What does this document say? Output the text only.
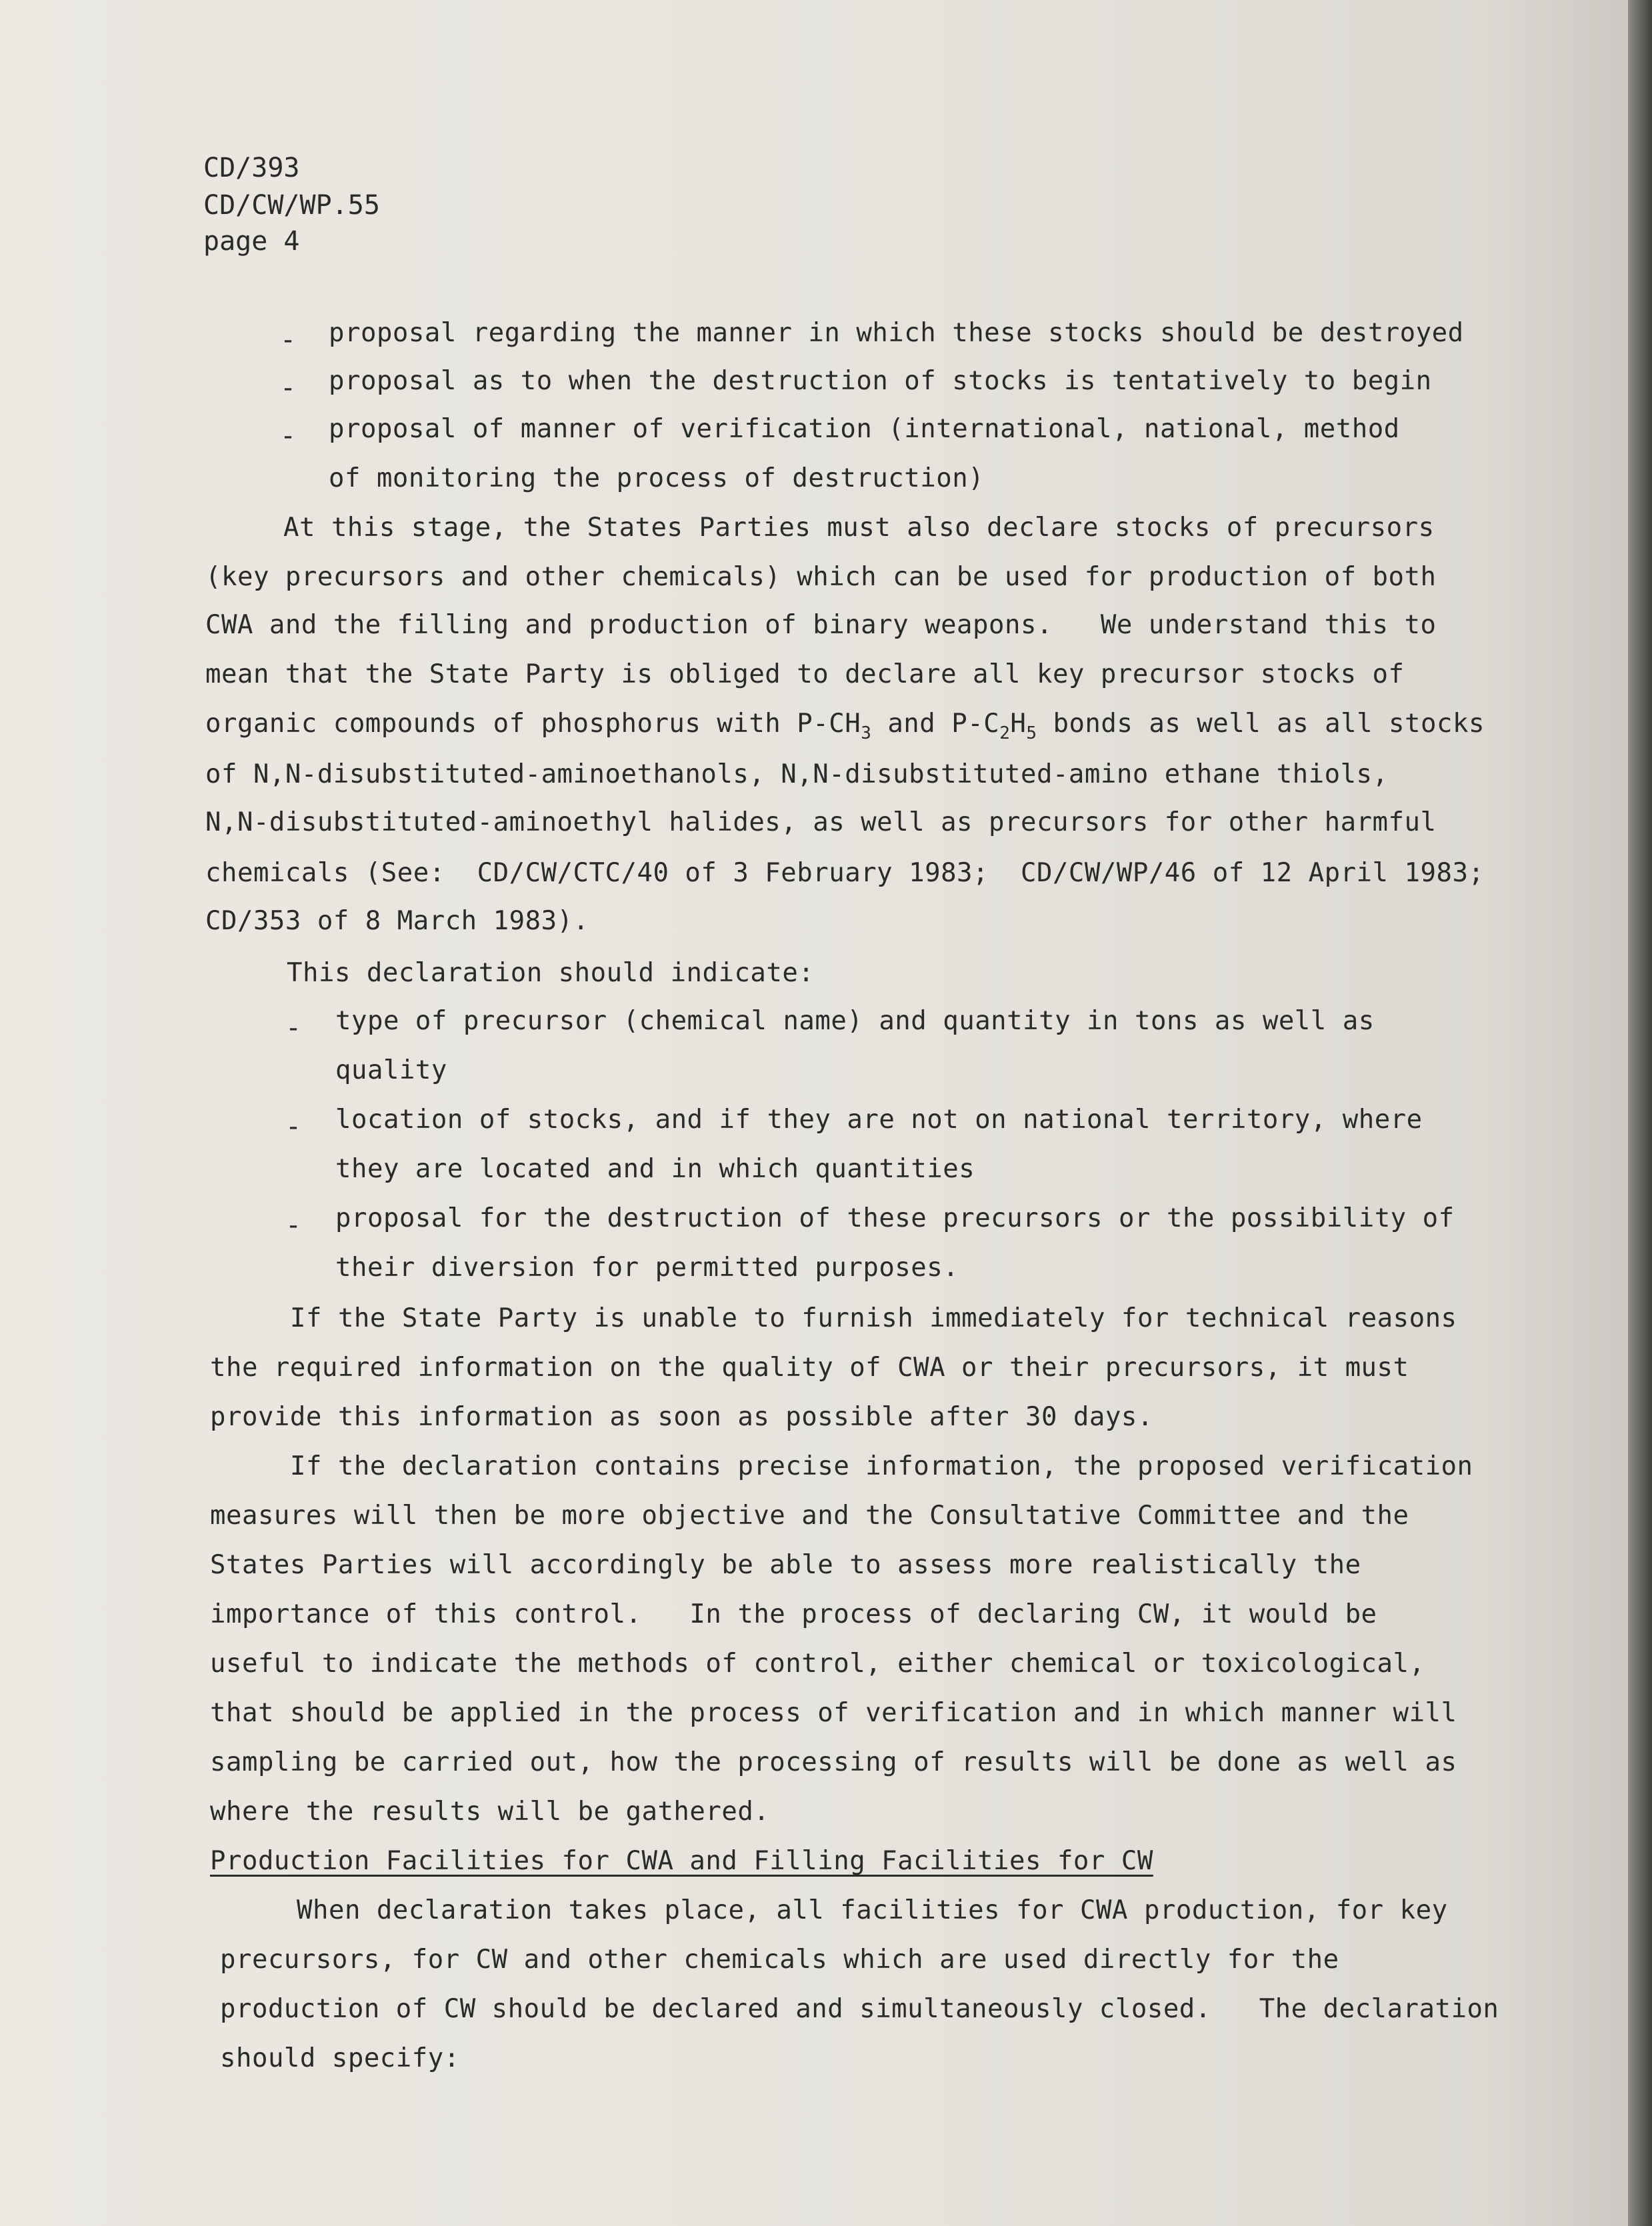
CD/393
CD/CW/WP.55
page 4
- proposal regarding the manner in which these stocks should be destroyed
- proposal as to when the destruction of stocks is tentatively to begin
- proposal of manner of verification (international, national, method
of monitoring the process of destruction)
At this stage, the States Parties must also declare stocks of precursors
(key precursors and other chemicals) which can be used for production of both
CWA and the filling and production of binary weapons.   We understand this to
mean that the State Party is obliged to declare all key precursor stocks of
organic compounds of phosphorus with $P-CH_3$ and $P-C_2H_5$ bonds as well as all stocks
of N,N-disubstituted-aminoethanols, N,N-disubstituted-amino ethane thiols,
N,N-disubstituted-aminoethyl halides, as well as precursors for other harmful
chemicals (See:  CD/CW/CTC/40 of 3 February 1983;  CD/CW/WP/46 of 12 April 1983;
CD/353 of 8 March 1983).
This declaration should indicate:
- type of precursor (chemical name) and quantity in tons as well as
quality
- location of stocks, and if they are not on national territory, where
they are located and in which quantities
- proposal for the destruction of these precursors or the possibility of
their diversion for permitted purposes.
If the State Party is unable to furnish immediately for technical reasons
the required information on the quality of CWA or their precursors, it must
provide this information as soon as possible after 30 days.
If the declaration contains precise information, the proposed verification
measures will then be more objective and the Consultative Committee and the
States Parties will accordingly be able to assess more realistically the
importance of this control.   In the process of declaring CW, it would be
useful to indicate the methods of control, either chemical or toxicological,
that should be applied in the process of verification and in which manner will
sampling be carried out, how the processing of results will be done as well as
where the results will be gathered.
Production Facilities for CWA and Filling Facilities for CW
When declaration takes place, all facilities for CWA production, for key
precursors, for CW and other chemicals which are used directly for the
production of CW should be declared and simultaneously closed.   The declaration
should specify:
